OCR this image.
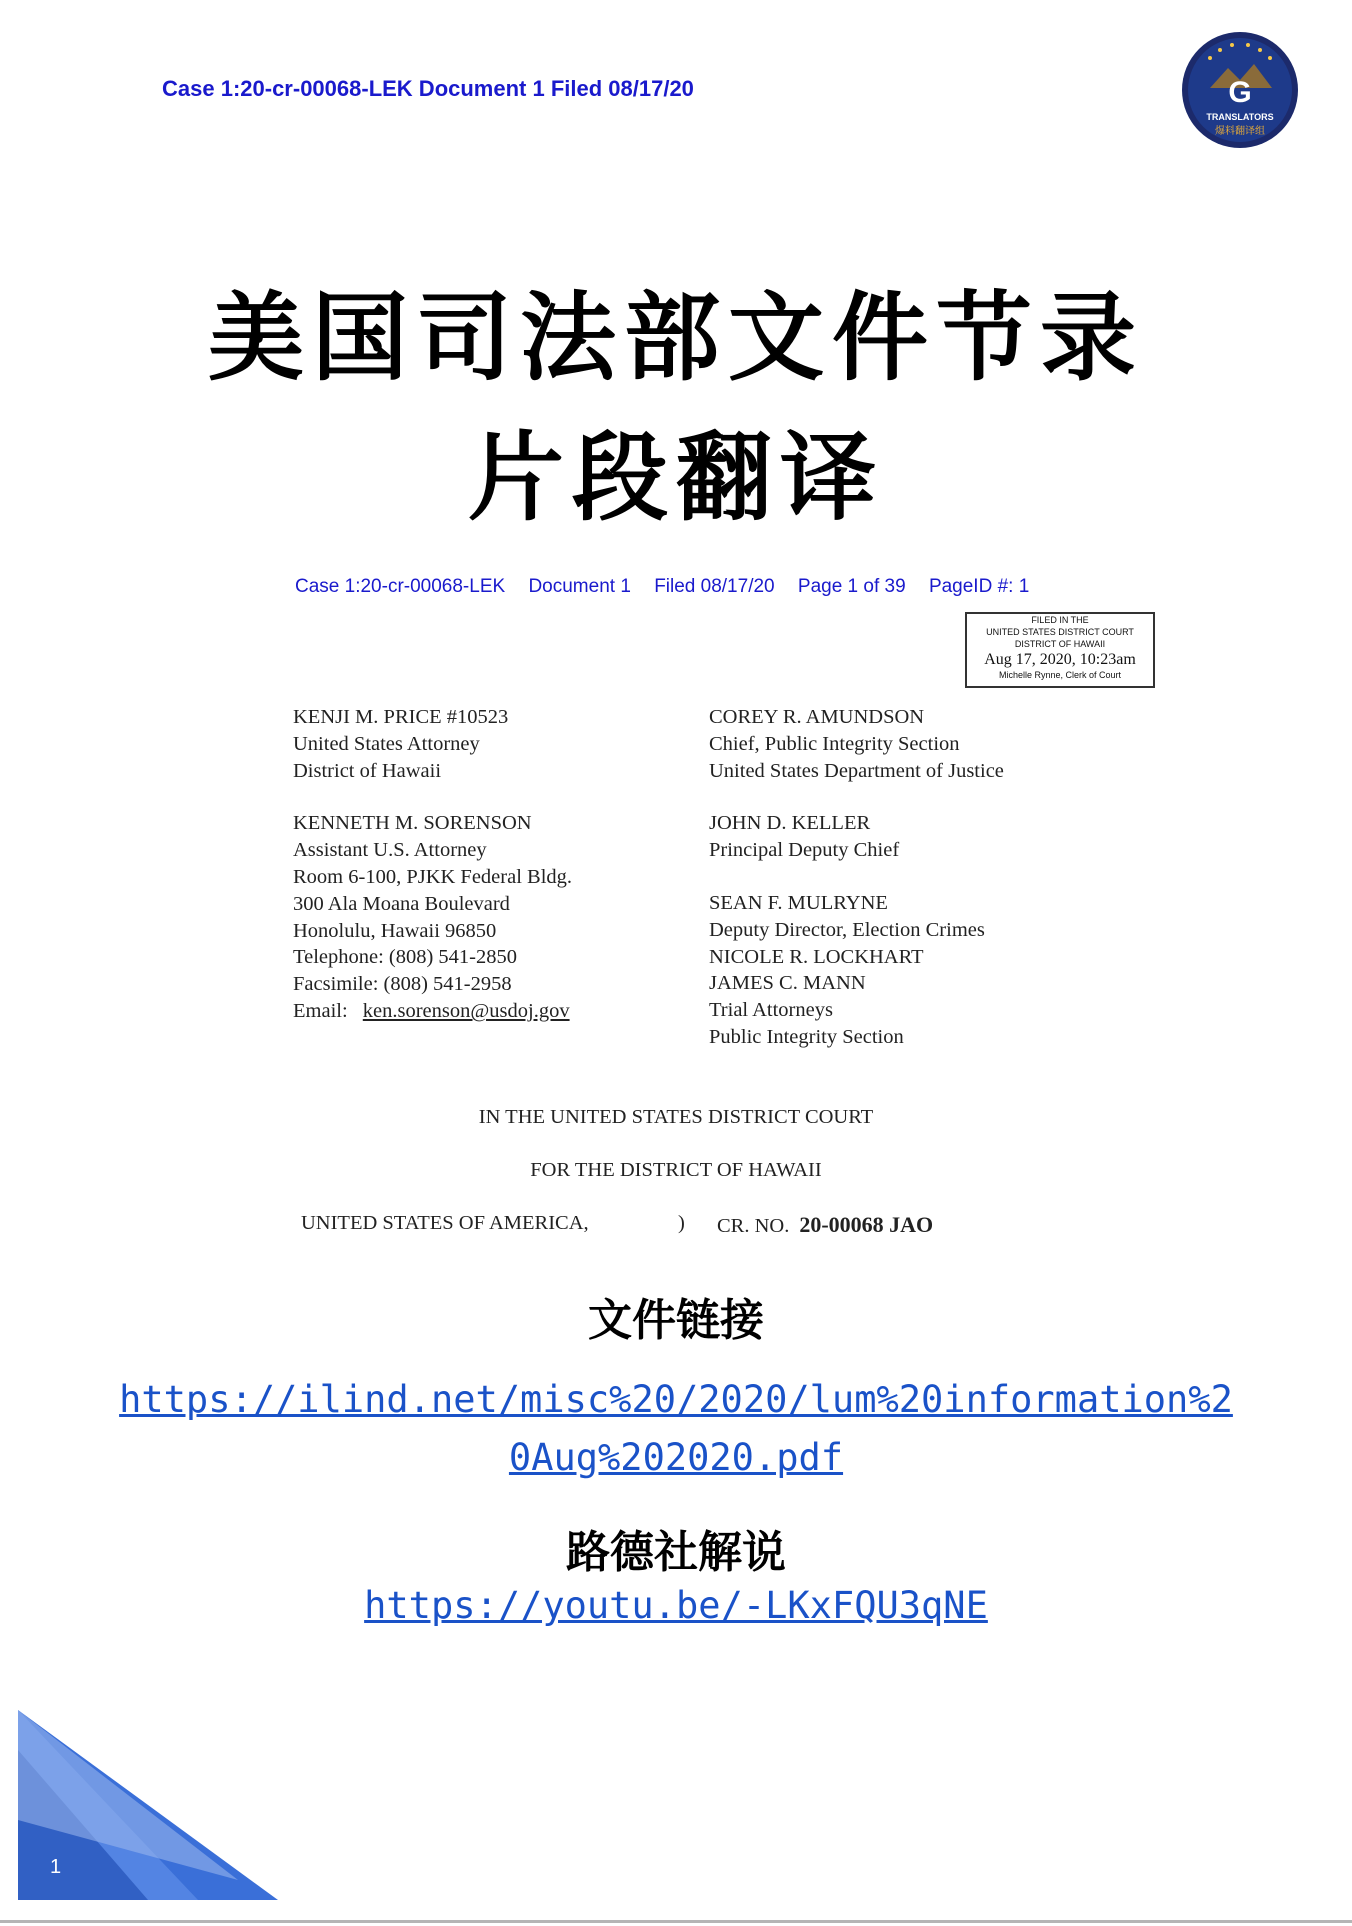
Case 1:20-cr-00068-LEK Document 1 Filed 08/17/20	G
TRANSLATORS
爆料翻译组
美国司法部文件节录
片段翻译
Case 1:20-cr-00068-LEK Document 1 Filed 08/17/20 Page 1 of 39 PageID #: 1
FILED IN THE
UNITED STATES DISTRICT COURT
DISTRICT OF HAWAII
Aug 17, 2020, 10:23am
Michelle Rynne, Clerk of Court
KENJI M. PRICE #10523
United States Attorney
District of Hawaii
KENNETH M. SORENSON
Assistant U.S. Attorney
Room 6-100, PJKK Federal Bldg.
300 Ala Moana Boulevard
Honolulu, Hawaii 96850
Telephone: (808) 541-2850
Facsimile: (808) 541-2958
Email: ken.sorenson@usdoj.gov
COREY R. AMUNDSON
Chief, Public Integrity Section
United States Department of Justice
JOHN D. KELLER
Principal Deputy Chief
SEAN F. MULRYNE
Deputy Director, Election Crimes
NICOLE R. LOCKHART
JAMES C. MANN
Trial Attorneys
Public Integrity Section
IN THE UNITED STATES DISTRICT COURT
FOR THE DISTRICT OF HAWAII
UNITED STATES OF AMERICA,	) CR. NO. 20-00068 JAO
文件链接
https://ilind.net/misc%20/2020/lum%20information%2
0Aug%202020.pdf
路德社解说
https://youtu.be/-LKxFQU3qNE
1
